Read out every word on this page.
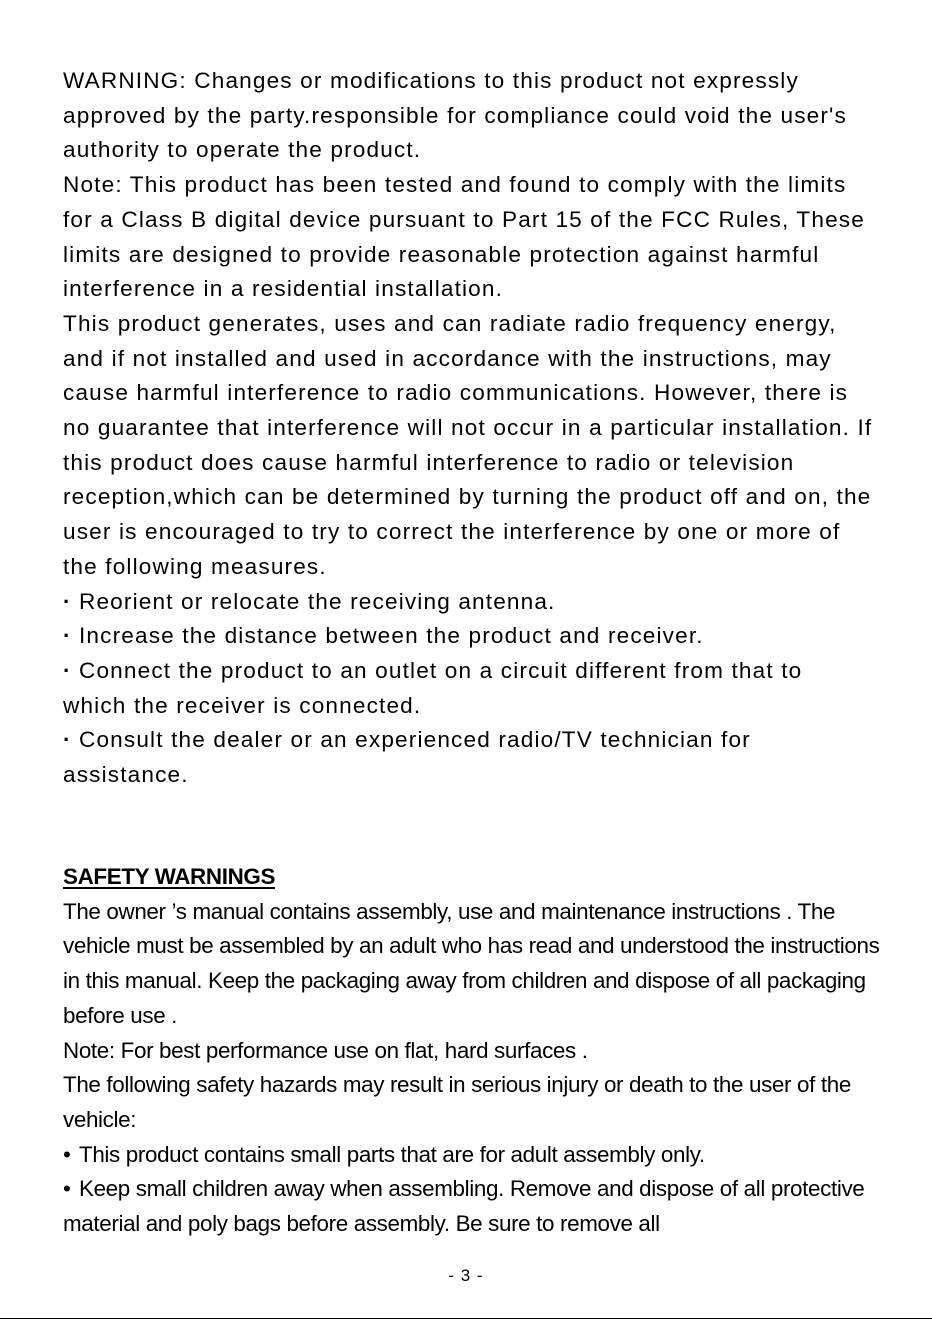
WARNING: Changes or modifications to this product not expressly approved by the party.responsible for compliance could void the user's authority to operate the product.

Note: This product has been tested and found to comply with the limits for a Class B digital device pursuant to Part 15 of the FCC Rules, These limits are designed to provide reasonable protection against harmful interference in a residential installation.

This product generates, uses and can radiate radio frequency energy, and if not installed and used in accordance with the instructions, may cause harmful interference to radio communications. However, there is no guarantee that interference will not occur in a particular installation. If this product does cause harmful interference to radio or television reception,which can be determined by turning the product off and on, the user is encouraged to try to correct the interference by one or more of the following measures.

· Reorient or relocate the receiving antenna.

· Increase the distance between the product and receiver.

· Connect the product to an outlet on a circuit different from that to which the receiver is connected.

· Consult the dealer or an experienced radio/TV technician for assistance.

SAFETY WARNINGS

The owner ’s manual contains assembly, use and maintenance instructions . The vehicle must be assembled by an adult who has read and understood the instructions in this manual. Keep the packaging away from children and dispose of all packaging before use .

Note: For best performance use on flat, hard surfaces .

The following safety hazards may result in serious injury or death to the user of the vehicle:

• This product contains small parts that are for adult assembly only.

• Keep small children away when assembling. Remove and dispose of all protective material and poly bags before assembly. Be sure to remove all

- 3 -
